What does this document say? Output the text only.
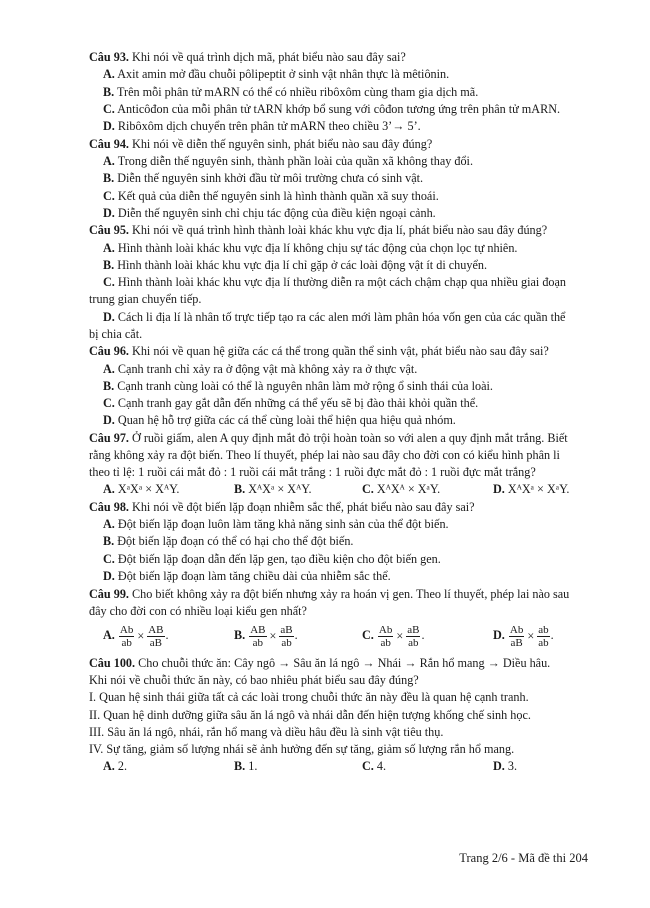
Câu 93. Khi nói về quá trình dịch mã, phát biểu nào sau đây sai?
A. Axit amin mở đầu chuỗi pôlipeptit ở sinh vật nhân thực là mêtiônin.
B. Trên mỗi phân tử mARN có thể có nhiều ribôxôm cùng tham gia dịch mã.
C. Anticôđon của mỗi phân tử tARN khớp bổ sung với côđon tương ứng trên phân tử mARN.
D. Ribôxôm dịch chuyển trên phân tử mARN theo chiều 3’→ 5’.
Câu 94. Khi nói về diễn thế nguyên sinh, phát biểu nào sau đây đúng?
A. Trong diễn thế nguyên sinh, thành phần loài của quần xã không thay đổi.
B. Diễn thế nguyên sinh khởi đầu từ môi trường chưa có sinh vật.
C. Kết quả của diễn thế nguyên sinh là hình thành quần xã suy thoái.
D. Diễn thế nguyên sinh chỉ chịu tác động của điều kiện ngoại cảnh.
Câu 95. Khi nói về quá trình hình thành loài khác khu vực địa lí, phát biểu nào sau đây đúng?
A. Hình thành loài khác khu vực địa lí không chịu sự tác động của chọn lọc tự nhiên.
B. Hình thành loài khác khu vực địa lí chỉ gặp ở các loài động vật ít di chuyển.
C. Hình thành loài khác khu vực địa lí thường diễn ra một cách chậm chạp qua nhiều giai đoạn
trung gian chuyển tiếp.
D. Cách li địa lí là nhân tố trực tiếp tạo ra các alen mới làm phân hóa vốn gen của các quần thể
bị chia cắt.
Câu 96. Khi nói về quan hệ giữa các cá thể trong quần thể sinh vật, phát biểu nào sau đây sai?
A. Cạnh tranh chỉ xảy ra ở động vật mà không xảy ra ở thực vật.
B. Cạnh tranh cùng loài có thể là nguyên nhân làm mở rộng ổ sinh thái của loài.
C. Cạnh tranh gay gắt dẫn đến những cá thể yếu sẽ bị đào thải khỏi quần thể.
D. Quan hệ hỗ trợ giữa các cá thể cùng loài thể hiện qua hiệu quả nhóm.
Câu 97. Ở ruồi giấm, alen A quy định mắt đỏ trội hoàn toàn so với alen a quy định mắt trắng. Biết
rằng không xảy ra đột biến. Theo lí thuyết, phép lai nào sau đây cho đời con có kiểu hình phân li
theo tỉ lệ: 1 ruồi cái mắt đỏ : 1 ruồi cái mắt trắng : 1 ruồi đực mắt đỏ : 1 ruồi đực mắt trắng?
A. XᵃXᵃ × XᴬY.	B. XᴬXᵃ × XᴬY.	C. XᴬXᴬ × XᵃY.	D. XᴬXᵃ × XᵃY.
Câu 98. Khi nói về đột biến lặp đoạn nhiễm sắc thể, phát biểu nào sau đây sai?
A. Đột biến lặp đoạn luôn làm tăng khả năng sinh sản của thể đột biến.
B. Đột biến lặp đoạn có thể có hại cho thể đột biến.
C. Đột biến lặp đoạn dẫn đến lặp gen, tạo điều kiện cho đột biến gen.
D. Đột biến lặp đoạn làm tăng chiều dài của nhiễm sắc thể.
Câu 99. Cho biết không xảy ra đột biến nhưng xảy ra hoán vị gen. Theo lí thuyết, phép lai nào sau
đây cho đời con có nhiều loại kiểu gen nhất?
A. $\frac{Ab}{ab} \times \frac{AB}{aB}$ .	B. $\frac{AB}{ab} \times \frac{aB}{ab}$ .	C. $\frac{Ab}{ab} \times \frac{aB}{ab}$ .	D. $\frac{Ab}{aB} \times \frac{ab}{ab}$ .
Câu 100. Cho chuỗi thức ăn: Cây ngô → Sâu ăn lá ngô → Nhái → Rắn hổ mang → Diều hâu.
Khi nói về chuỗi thức ăn này, có bao nhiêu phát biểu sau đây đúng?
I. Quan hệ sinh thái giữa tất cả các loài trong chuỗi thức ăn này đều là quan hệ cạnh tranh.
II. Quan hệ dinh dưỡng giữa sâu ăn lá ngô và nhái dẫn đến hiện tượng khống chế sinh học.
III. Sâu ăn lá ngô, nhái, rắn hổ mang và diều hâu đều là sinh vật tiêu thụ.
IV. Sự tăng, giảm số lượng nhái sẽ ảnh hưởng đến sự tăng, giảm số lượng rắn hổ mang.
A. 2.	B. 1.	C. 4.	D. 3.
Trang 2/6 - Mã đề thi 204
